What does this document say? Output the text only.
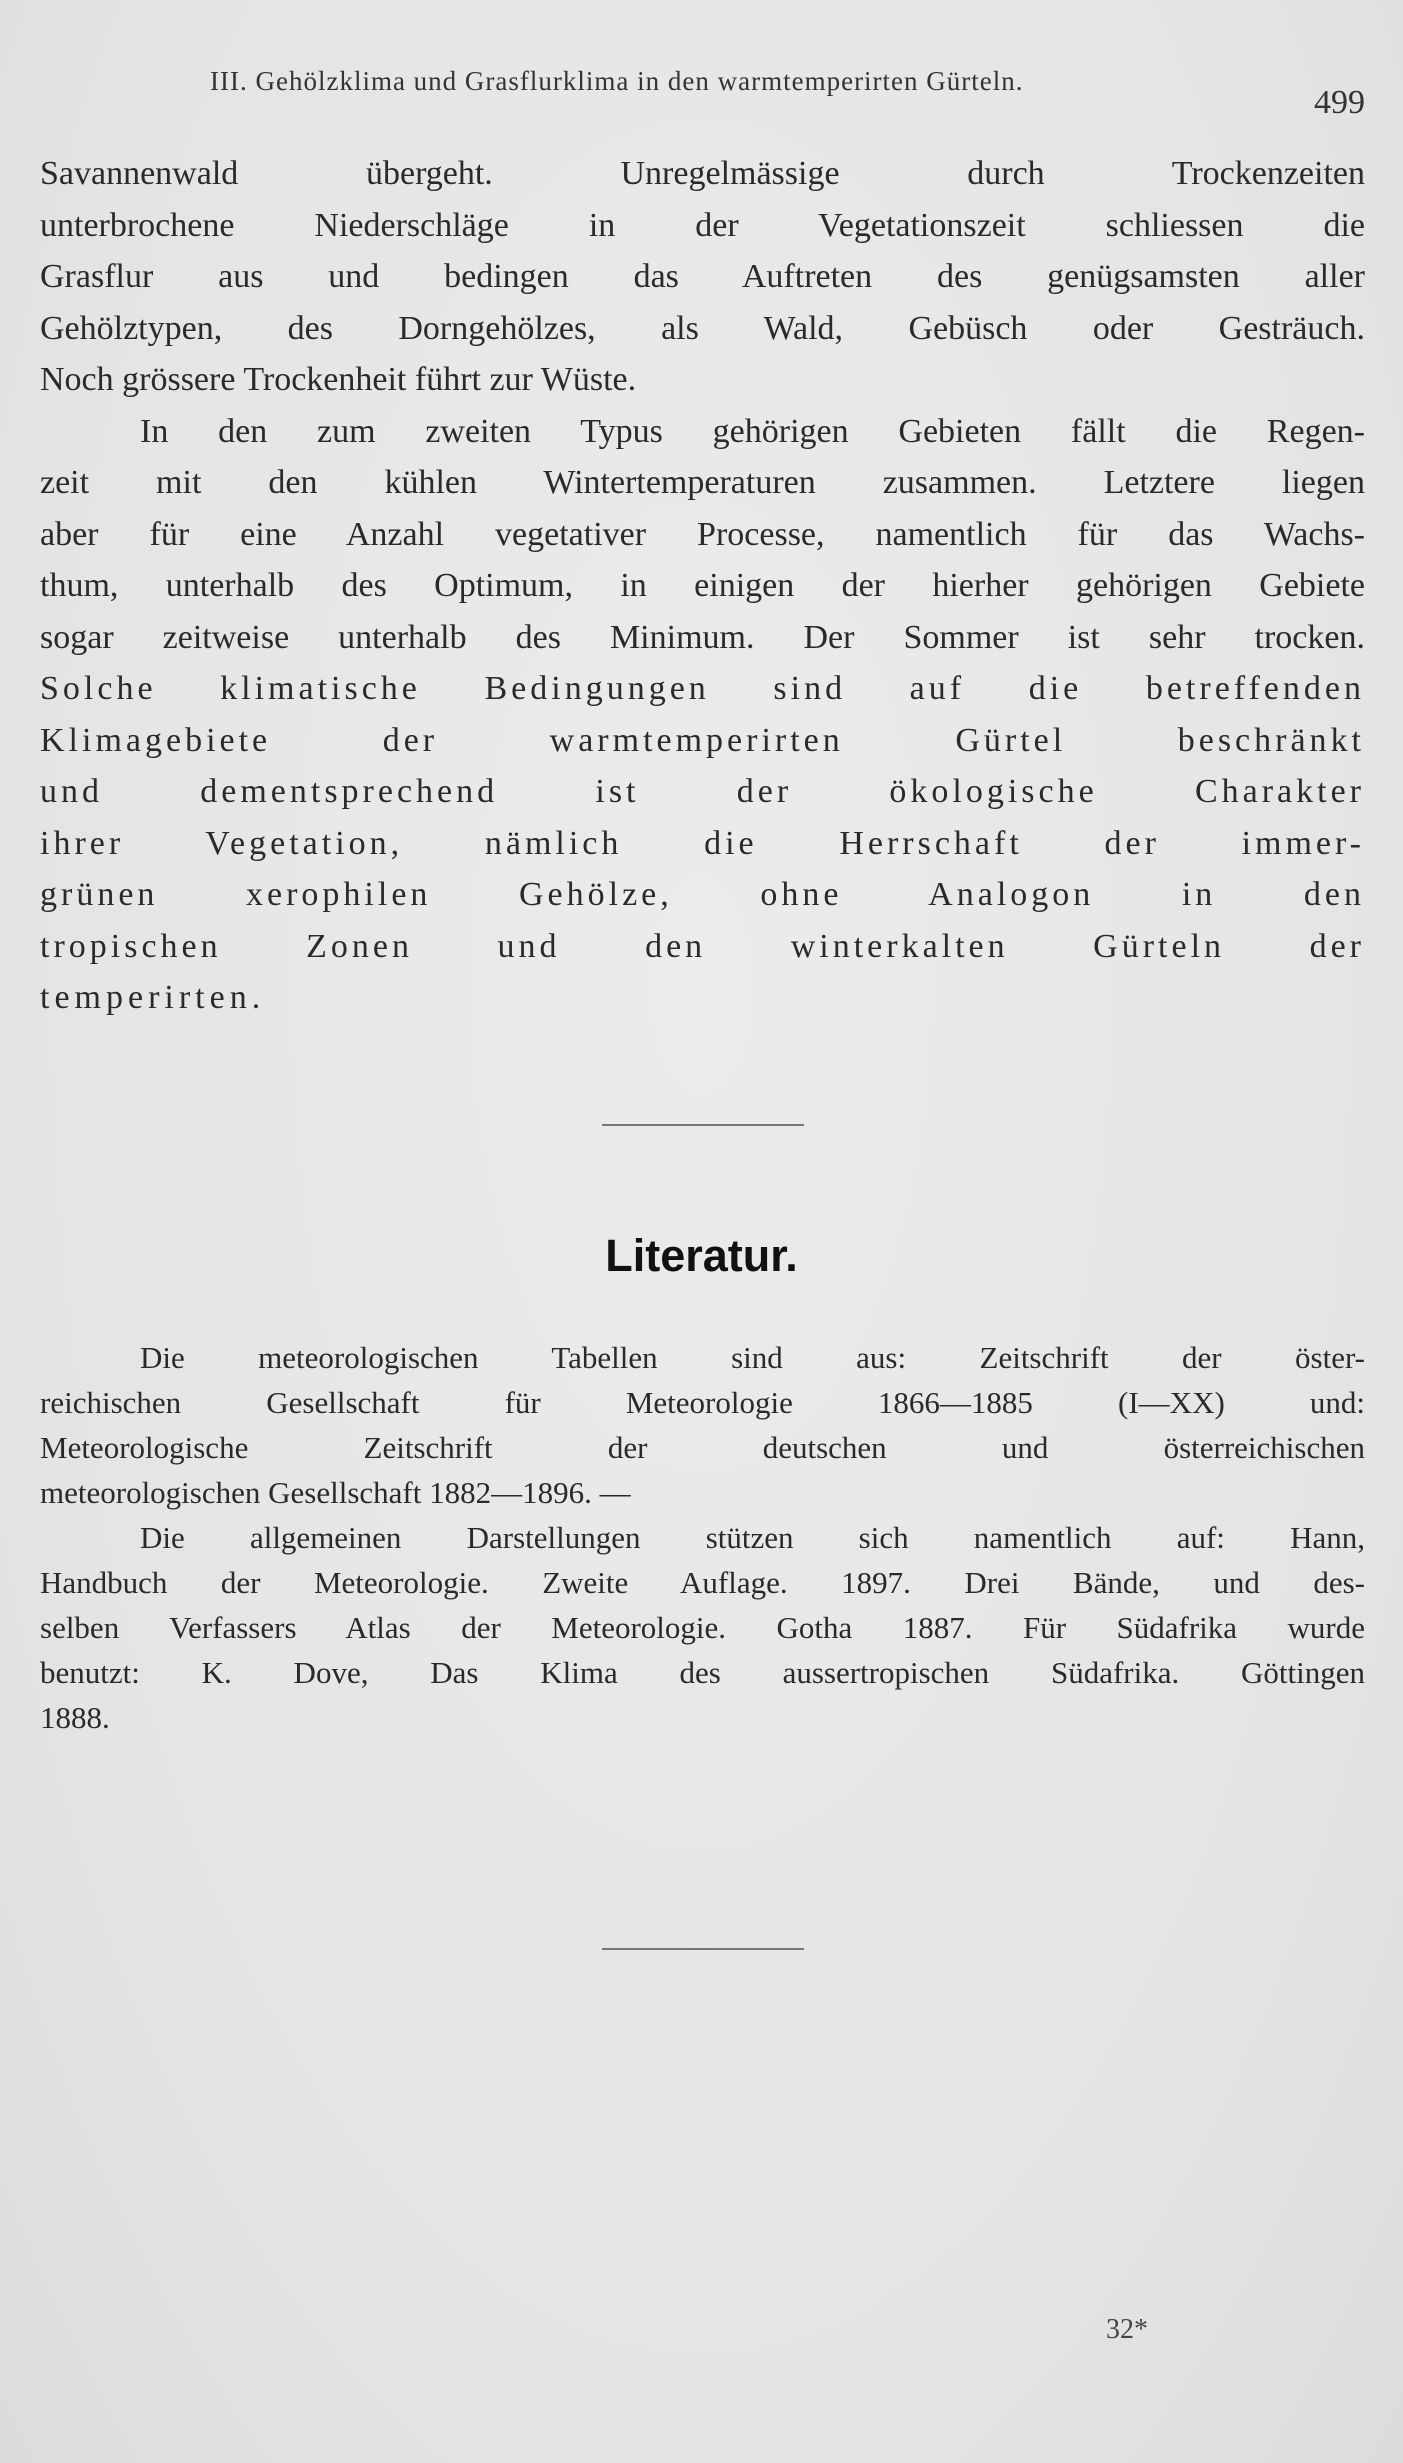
III. Gehölzklima und Grasflurklima in den warmtemperirten Gürteln.
499
Savannenwald übergeht. Unregelmässige durch Trockenzeiten
unterbrochene Niederschläge in der Vegetationszeit schliessen die
Grasflur aus und bedingen das Auftreten des genügsamsten aller
Gehölztypen, des Dorngehölzes, als Wald, Gebüsch oder Gesträuch.
Noch grössere Trockenheit führt zur Wüste.
In den zum zweiten Typus gehörigen Gebieten fällt die Regen-
zeit mit den kühlen Wintertemperaturen zusammen. Letztere liegen
aber für eine Anzahl vegetativer Processe, namentlich für das Wachs-
thum, unterhalb des Optimum, in einigen der hierher gehörigen Gebiete
sogar zeitweise unterhalb des Minimum. Der Sommer ist sehr trocken.
Solche klimatische Bedingungen sind auf die betreffenden
Klimagebiete der warmtemperirten Gürtel beschränkt
und dementsprechend ist der ökologische Charakter
ihrer Vegetation, nämlich die Herrschaft der immer-
grünen xerophilen Gehölze, ohne Analogon in den
tropischen Zonen und den winterkalten Gürteln der
temperirten.
Literatur.
Die meteorologischen Tabellen sind aus: Zeitschrift der öster-
reichischen Gesellschaft für Meteorologie 1866—1885 (I—XX) und:
Meteorologische Zeitschrift der deutschen und österreichischen
meteorologischen Gesellschaft 1882—1896. —
Die allgemeinen Darstellungen stützen sich namentlich auf: Hann,
Handbuch der Meteorologie. Zweite Auflage. 1897. Drei Bände, und des-
selben Verfassers Atlas der Meteorologie. Gotha 1887. Für Südafrika wurde
benutzt: K. Dove, Das Klima des aussertropischen Südafrika. Göttingen
1888.
32*
